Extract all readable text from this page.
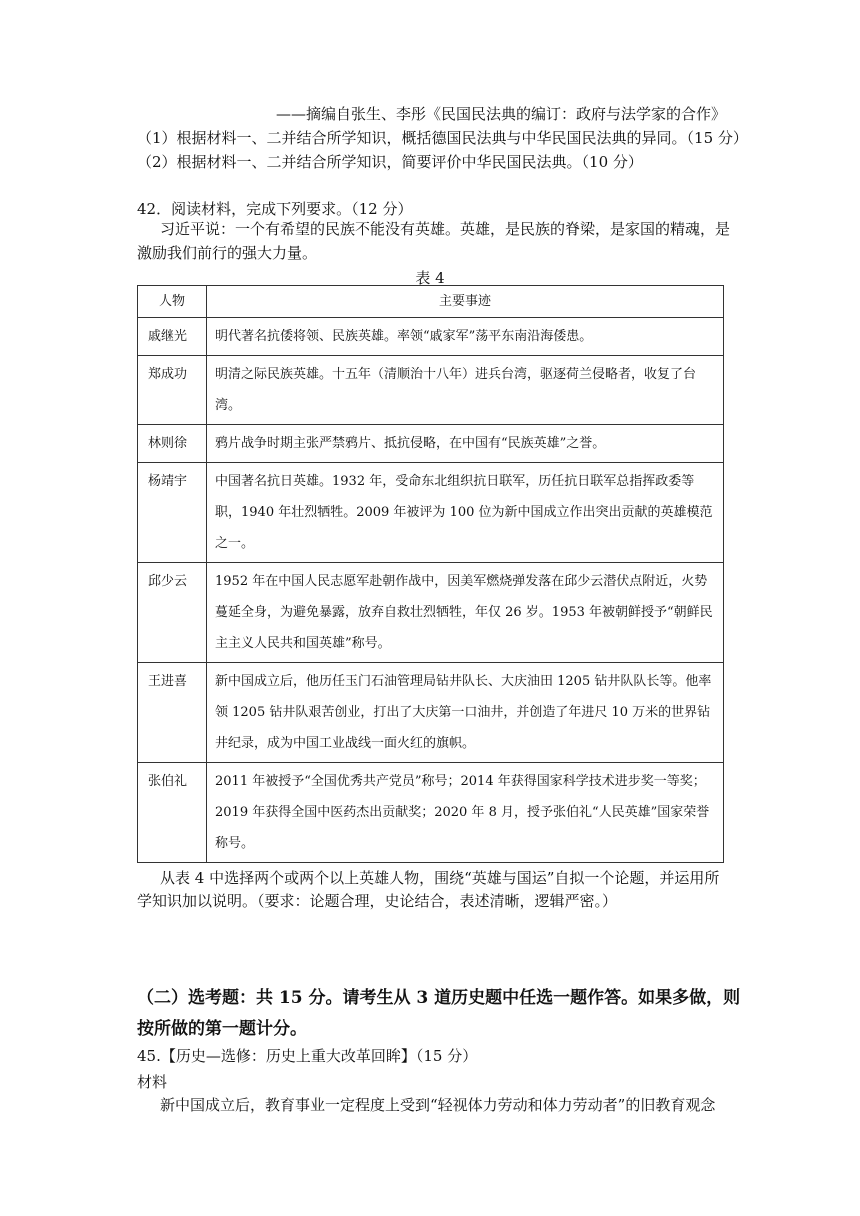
——摘编自张生、李彤《民国民法典的编订：政府与法学家的合作》
（1）根据材料一、二并结合所学知识，概括德国民法典与中华民国民法典的异同。（15 分）
（2）根据材料一、二并结合所学知识，简要评价中华民国民法典。（10 分）
42．阅读材料，完成下列要求。（12 分）
习近平说：一个有希望的民族不能没有英雄。英雄，是民族的脊梁，是家国的精魂，是
激励我们前行的强大力量。
表 4
人物	主要事迹
戚继光	明代著名抗倭将领、民族英雄。率领“戚家军”荡平东南沿海倭患。
郑成功	明清之际民族英雄。十五年（清顺治十八年）进兵台湾，驱逐荷兰侵略者，收复了台湾。
林则徐	鸦片战争时期主张严禁鸦片、抵抗侵略，在中国有“民族英雄”之誉。
杨靖宇	中国著名抗日英雄。1932 年，受命东北组织抗日联军，历任抗日联军总指挥政委等职，1940 年壮烈牺牲。2009 年被评为 100 位为新中国成立作出突出贡献的英雄模范之一。
邱少云	1952 年在中国人民志愿军赴朝作战中，因美军燃烧弹发落在邱少云潜伏点附近，火势蔓延全身，为避免暴露，放弃自救壮烈牺牲，年仅 26 岁。1953 年被朝鲜授予“朝鲜民主主义人民共和国英雄”称号。
王进喜	新中国成立后，他历任玉门石油管理局钻井队长、大庆油田 1205 钻井队队长等。他率领 1205 钻井队艰苦创业，打出了大庆第一口油井，并创造了年进尺 10 万米的世界钻井纪录，成为中国工业战线一面火红的旗帜。
张伯礼	2011 年被授予“全国优秀共产党员”称号；2014 年获得国家科学技术进步奖一等奖；2019 年获得全国中医药杰出贡献奖；2020 年 8 月，授予张伯礼“人民英雄”国家荣誉称号。
从表 4 中选择两个或两个以上英雄人物，围绕“英雄与国运”自拟一个论题，并运用所
学知识加以说明。（要求：论题合理，史论结合，表述清晰，逻辑严密。）
（二）选考题：共 15 分。请考生从 3 道历史题中任选一题作答。如果多做，则
按所做的第一题计分。
45.【历史—选修：历史上重大改革回眸】（15 分）
材料
新中国成立后，教育事业一定程度上受到“轻视体力劳动和体力劳动者”的旧教育观念
